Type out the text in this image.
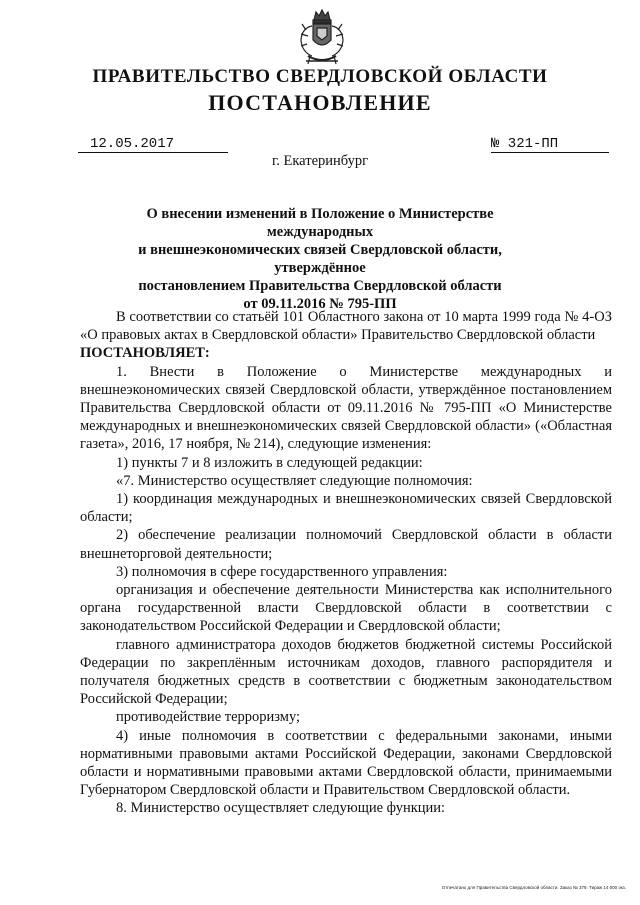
ПРАВИТЕЛЬСТВО СВЕРДЛОВСКОЙ ОБЛАСТИ
ПОСТАНОВЛЕНИЕ
12.05.2017	№ 321-ПП
г. Екатеринбург
О внесении изменений в Положение о Министерстве международных
и внешнеэкономических связей Свердловской области, утверждённое
постановлением Правительства Свердловской области
от 09.11.2016 № 795-ПП

В соответствии со статьёй 101 Областного закона от 10 марта 1999 года № 4-ОЗ «О правовых актах в Свердловской области» Правительство Свердловской области

ПОСТАНОВЛЯЕТ:

1. Внести в Положение о Министерстве международных и внешнеэкономических связей Свердловской области, утверждённое постановлением Правительства Свердловской области от 09.11.2016 № 795-ПП «О Министерстве международных и внешнеэкономических связей Свердловской области» («Областная газета», 2016, 17 ноября, № 214), следующие изменения:

1) пункты 7 и 8 изложить в следующей редакции:

«7. Министерство осуществляет следующие полномочия:

1) координация международных и внешнеэкономических связей Свердловской области;

2) обеспечение реализации полномочий Свердловской области в области внешнеторговой деятельности;

3) полномочия в сфере государственного управления:

организация и обеспечение деятельности Министерства как исполнительного органа государственной власти Свердловской области в соответствии с законодательством Российской Федерации и Свердловской области;

главного администратора доходов бюджетов бюджетной системы Российской Федерации по закреплённым источникам доходов, главного распорядителя и получателя бюджетных средств в соответствии с бюджетным законодательством Российской Федерации;

противодействие терроризму;

4) иные полномочия в соответствии с федеральными законами, иными нормативными правовыми актами Российской Федерации, законами Свердловской области и нормативными правовыми актами Свердловской области, принимаемыми Губернатором Свердловской области и Правительством Свердловской области.

8. Министерство осуществляет следующие функции:

Отпечатано для Правительства Свердловской области. Заказ № 379. Тираж 14 000 экз.
